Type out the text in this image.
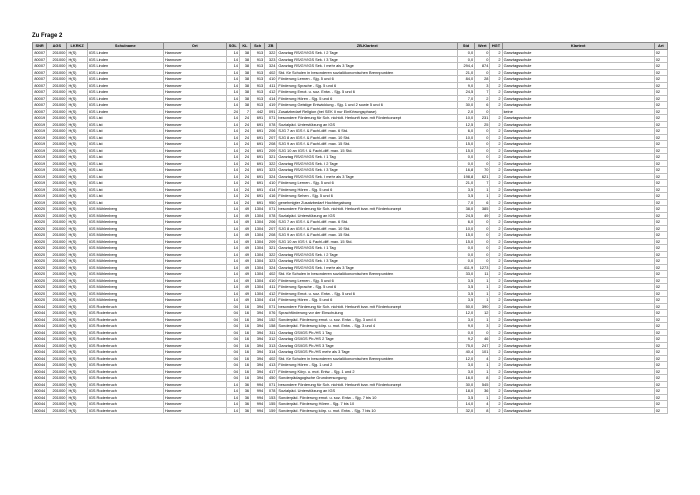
Zu Frage 2
SNR	AGS	LKRKZ	Schulname	Ort	SGL	KL	Sch	ZB	ZB-Klartext	Std	Wert	HGT	Klartext	Art
80007	201000	H(S)	IGS Linden	Hannover	14	38	913	322	Ganztag RS/GY/IGS Sek. I 2 Tage	0,0	0	2	Ganztagsschule	02
80007	201000	H(S)	IGS Linden	Hannover	14	38	913	323	Ganztag RS/GY/IGS Sek. I 3 Tage	0,0	0	2	Ganztagsschule	02
80007	201000	H(S)	IGS Linden	Hannover	14	38	913	324	Ganztag RS/GY/IGS Sek. I mehr als 3 Tage	294,4	874	2	Ganztagsschule	02
80007	201000	H(S)	IGS Linden	Hannover	14	38	913	402	Std. für Schulen in besonderen sozialökonomischen Brennpunkten	21,0	0	2	Ganztagsschule	02
80007	201000	H(S)	IGS Linden	Hannover	14	38	913	410	Förderung Lernen - Sjg. 5 und 6	84,0	28	2	Ganztagsschule	02
80007	201000	H(S)	IGS Linden	Hannover	14	38	913	411	Förderung Sprache - Sjg. 5 und 6	9,0	3	2	Ganztagsschule	02
80007	201000	H(S)	IGS Linden	Hannover	14	38	913	412	Förderung Emot. u. soz. Entw. - Sjg. 5 und 6	24,5	7	2	Ganztagsschule	02
80007	201000	H(S)	IGS Linden	Hannover	14	38	913	414	Förderung Hören - Sjg. 5 und 6	7,0	2	2	Ganztagsschule	02
80007	201000	H(S)	IGS Linden	Hannover	14	38	913	419	Förderung Geistige Entwicklung - Sjg. 1 und 2 sowie 5 und 6	30,0	6	2	Ganztagsschule	02
80007	201000	H(S)	IGS Linden	Hannover	24	7	442	091	Zusatzbedarf Religion (bei SEK II nur Einführungsphase)	2,0	0		keine	02
80019	201000	H(S)	IGS List	Hannover	14	24	691	071	besondere Förderung für Sch. nichtdt. Herkunft bzw. mit Förderkonzept	10,0	231	2	Ganztagsschule	02
80019	201000	H(S)	IGS List	Hannover	14	24	691	078	Sozialpäd. Unterstützung an IGS	12,5	25	2	Ganztagsschule	02
80019	201000	H(S)	IGS List	Hannover	14	24	691	206	SJG 7 an IGS f. & Fachl-diff. max. 6 Std.	6,0	0	2	Ganztagsschule	02
80019	201000	H(S)	IGS List	Hannover	14	24	691	207	SJG 8 an IGS f. & Fachl-diff. max. 10 Std.	10,0	0	2	Ganztagsschule	02
80019	201000	H(S)	IGS List	Hannover	14	24	691	208	SJG 9 an IGS f. & Fachl-diff. max. 15 Std.	15,0	0	2	Ganztagsschule	02
80019	201000	H(S)	IGS List	Hannover	14	24	691	209	SJG 10 an IGS f. & Fachl-diff. max. 15 Std.	15,0	0	2	Ganztagsschule	02
80019	201000	H(S)	IGS List	Hannover	14	24	691	321	Ganztag RS/GY/IGS Sek. I 1 Tag	0,0	0	2	Ganztagsschule	02
80019	201000	H(S)	IGS List	Hannover	14	24	691	322	Ganztag RS/GY/IGS Sek. I 2 Tage	0,0	0	2	Ganztagsschule	02
80019	201000	H(S)	IGS List	Hannover	14	24	691	323	Ganztag RS/GY/IGS Sek. I 3 Tage	16,8	70	2	Ganztagsschule	02
80019	201000	H(S)	IGS List	Hannover	14	24	691	324	Ganztag RS/GY/IGS Sek. I mehr als 3 Tage	198,8	621	2	Ganztagsschule	02
80019	201000	H(S)	IGS List	Hannover	14	24	691	410	Förderung Lernen - Sjg. 5 und 6	21,0	7	2	Ganztagsschule	02
80019	201000	H(S)	IGS List	Hannover	14	24	691	414	Förderung Hören - Sjg. 5 und 6	3,5	1	2	Ganztagsschule	02
80019	201000	H(S)	IGS List	Hannover	14	24	691	416	Förderung Sehen - Sjg. 5 und 6	3,5	1	2	Ganztagsschule	02
80019	201000	H(S)	IGS List	Hannover	14	24	691	950	genehmigter Zusatzbedarf Hochbegabung	7,0	6	2	Ganztagsschule	02
80020	201000	H(S)	IGS Mühlenberg	Hannover	14	49	1304	071	besondere Förderung für Sch. nichtdt. Herkunft bzw. mit Förderkonzept	38,0	385	2	Ganztagsschule	02
80020	201000	H(S)	IGS Mühlenberg	Hannover	14	49	1304	078	Sozialpäd. Unterstützung an IGS	24,5	49	2	Ganztagsschule	02
80020	201000	H(S)	IGS Mühlenberg	Hannover	14	49	1304	206	SJG 7 an IGS f. & Fachl-diff. max. 6 Std.	6,0	0	2	Ganztagsschule	02
80020	201000	H(S)	IGS Mühlenberg	Hannover	14	49	1304	207	SJG 8 an IGS f. & Fachl-diff. max. 10 Std.	10,0	0	2	Ganztagsschule	02
80020	201000	H(S)	IGS Mühlenberg	Hannover	14	49	1304	208	SJG 9 an IGS f. & Fachl-diff. max. 15 Std.	15,0	0	2	Ganztagsschule	02
80020	201000	H(S)	IGS Mühlenberg	Hannover	14	49	1304	209	SJG 10 an IGS f. & Fachl-diff. max. 15 Std.	15,0	0	2	Ganztagsschule	02
80020	201000	H(S)	IGS Mühlenberg	Hannover	14	49	1304	321	Ganztag RS/GY/IGS Sek. I 1 Tag	0,0	0	2	Ganztagsschule	02
80020	201000	H(S)	IGS Mühlenberg	Hannover	14	49	1304	322	Ganztag RS/GY/IGS Sek. I 2 Tage	0,0	0	2	Ganztagsschule	02
80020	201000	H(S)	IGS Mühlenberg	Hannover	14	49	1304	323	Ganztag RS/GY/IGS Sek. I 3 Tage	0,0	0	2	Ganztagsschule	02
80020	201000	H(S)	IGS Mühlenberg	Hannover	14	49	1304	324	Ganztag RS/GY/IGS Sek. I mehr als 3 Tage	411,9	1273	2	Ganztagsschule	02
80020	201000	H(S)	IGS Mühlenberg	Hannover	14	49	1304	402	Std. für Schulen in besonderen sozialökonomischen Brennpunkten	33,0	11	2	Ganztagsschule	02
80020	201000	H(S)	IGS Mühlenberg	Hannover	14	49	1304	410	Förderung Lernen - Sjg. 5 und 6	3,5	1	2	Ganztagsschule	02
80020	201000	H(S)	IGS Mühlenberg	Hannover	14	49	1304	411	Förderung Sprache - Sjg. 5 und 6	3,5	1	2	Ganztagsschule	02
80020	201000	H(S)	IGS Mühlenberg	Hannover	14	49	1304	412	Förderung Emot. u. soz. Entw. - Sjg. 5 und 6	3,5	1	2	Ganztagsschule	02
80020	201000	H(S)	IGS Mühlenberg	Hannover	14	49	1304	414	Förderung Hören - Sjg. 5 und 6	3,5	1	2	Ganztagsschule	02
80044	201000	H(S)	IGS Roderbruch	Hannover	04	16	394	071	besondere Förderung für Sch. nichtdt. Herkunft bzw. mit Förderkonzept	50,0	390	2	Ganztagsschule	02
80044	201000	H(S)	IGS Roderbruch	Hannover	04	16	394	076	Sprachförderung vor der Einschulung	12,0	12	2	Ganztagsschule	02
80044	201000	H(S)	IGS Roderbruch	Hannover	04	16	394	152	Sonderpäd. Förderung emot. u. soz. Entw. - Sjg. 3 und 4	3,0	1	2	Ganztagsschule	02
80044	201000	H(S)	IGS Roderbruch	Hannover	04	16	394	158	Sonderpäd. Förderung körp. u. mot. Entw. - Sjg. 3 und 4	9,0	3	2	Ganztagsschule	02
80044	201000	H(S)	IGS Roderbruch	Hannover	04	16	394	311	Ganztag GS/IGS Pb./HS 1 Tag	0,0	0	2	Ganztagsschule	02
80044	201000	H(S)	IGS Roderbruch	Hannover	04	16	394	312	Ganztag GS/IGS Pb./HS 2 Tage	9,2	46	2	Ganztagsschule	02
80044	201000	H(S)	IGS Roderbruch	Hannover	04	16	394	313	Ganztag GS/IGS Pb./HS 3 Tage	75,0	247	2	Ganztagsschule	02
80044	201000	H(S)	IGS Roderbruch	Hannover	04	16	394	314	Ganztag GS/IGS Pb./HS mehr als 3 Tage	40,4	101	2	Ganztagsschule	02
80044	201000	H(S)	IGS Roderbruch	Hannover	04	16	394	402	Std. für Schulen in besonderen sozialökonomischen Brennpunkten	12,0	4	2	Ganztagsschule	02
80044	201000	H(S)	IGS Roderbruch	Hannover	04	16	394	413	Förderung Hören - Sjg. 1 und 2	3,0	1	2	Ganztagsschule	02
80044	201000	H(S)	IGS Roderbruch	Hannover	04	16	394	417	Förderung Körp. u. mot. Entw. - Sjg. 1 und 2	3,0	1	2	Ganztagsschule	02
80044	201000	H(S)	IGS Roderbruch	Hannover	04	16	394	450	Sonderpädagogische Grundversorgung	16,0	8	2	Ganztagsschule	02
80044	201000	H(S)	IGS Roderbruch	Hannover	14	36	994	071	besondere Förderung für Sch. nichtdt. Herkunft bzw. mit Förderkonzept	30,0	545	2	Ganztagsschule	02
80044	201000	H(S)	IGS Roderbruch	Hannover	14	36	994	078	Sozialpäd. Unterstützung an IGS	18,0	36	2	Ganztagsschule	02
80044	201000	H(S)	IGS Roderbruch	Hannover	14	36	994	153	Sonderpäd. Förderung emot. u. soz. Entw. - Sjg. 7 bis 10	3,5	1	2	Ganztagsschule	02
80044	201000	H(S)	IGS Roderbruch	Hannover	14	36	994	155	Sonderpäd. Förderung Hören - Sjg. 7 bis 10	14,0	4	2	Ganztagsschule	02
80044	201000	H(S)	IGS Roderbruch	Hannover	14	36	994	159	Sonderpäd. Förderung körp. u. mot. Entw. - Sjg. 7 bis 10	32,0	8	2	Ganztagsschule	02
